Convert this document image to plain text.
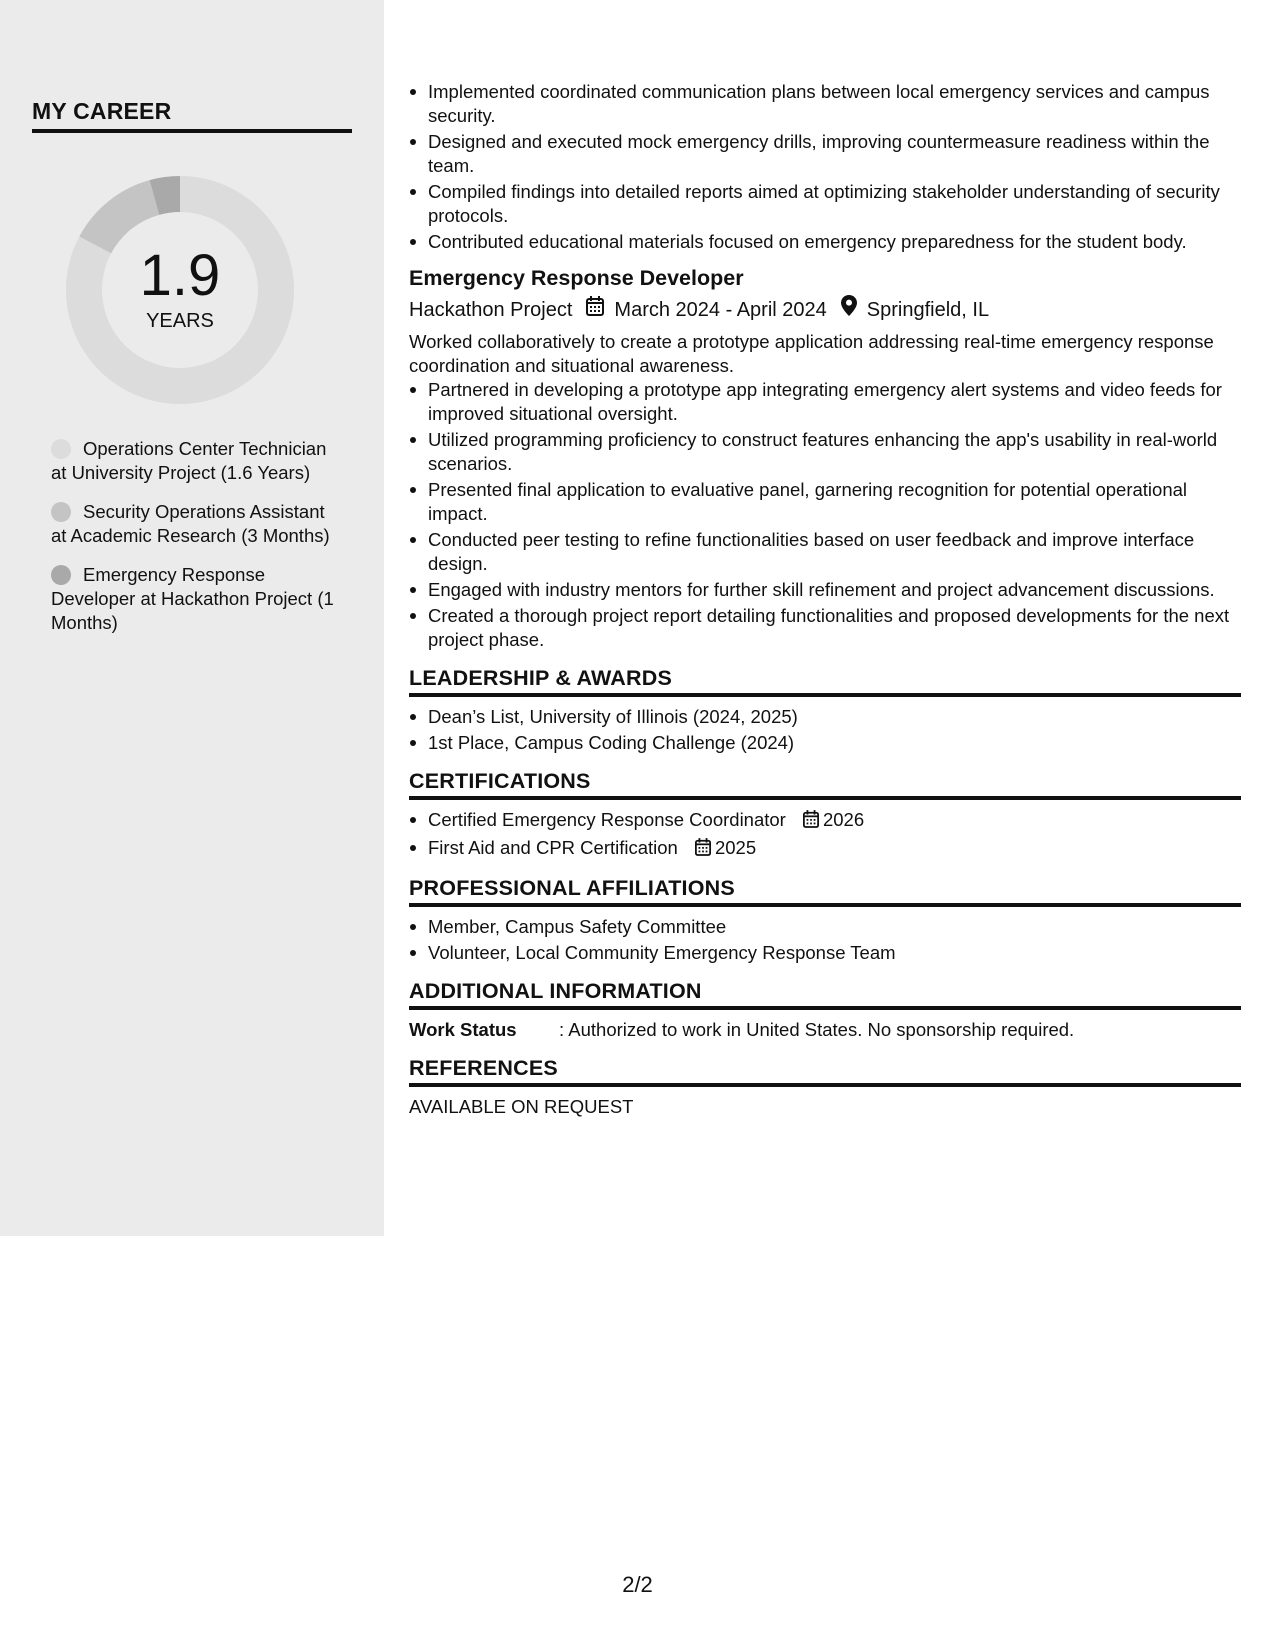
MY CAREER
1.9
YEARS
Operations Center Technician at University Project (1.6 Years)
Security Operations Assistant at Academic Research (3 Months)
Emergency Response Developer at Hackathon Project (1 Months)
Implemented coordinated communication plans between local emergency services and campus security.
Designed and executed mock emergency drills, improving countermeasure readiness within the team.
Compiled findings into detailed reports aimed at optimizing stakeholder understanding of security protocols.
Contributed educational materials focused on emergency preparedness for the student body.
Emergency Response Developer
Hackathon Project March 2024 - April 2024 Springfield, IL
Worked collaboratively to create a prototype application addressing real-time emergency response coordination and situational awareness.
Partnered in developing a prototype app integrating emergency alert systems and video feeds for improved situational oversight.
Utilized programming proficiency to construct features enhancing the app's usability in real-world scenarios.
Presented final application to evaluative panel, garnering recognition for potential operational impact.
Conducted peer testing to refine functionalities based on user feedback and improve interface design.
Engaged with industry mentors for further skill refinement and project advancement discussions.
Created a thorough project report detailing functionalities and proposed developments for the next project phase.
LEADERSHIP & AWARDS
Dean’s List, University of Illinois (2024, 2025)
1st Place, Campus Coding Challenge (2024)
CERTIFICATIONS
Certified Emergency Response Coordinator 2026
First Aid and CPR Certification 2025
PROFESSIONAL AFFILIATIONS
Member, Campus Safety Committee
Volunteer, Local Community Emergency Response Team
ADDITIONAL INFORMATION
Work Status	: Authorized to work in United States. No sponsorship required.
REFERENCES
AVAILABLE ON REQUEST
2/2
